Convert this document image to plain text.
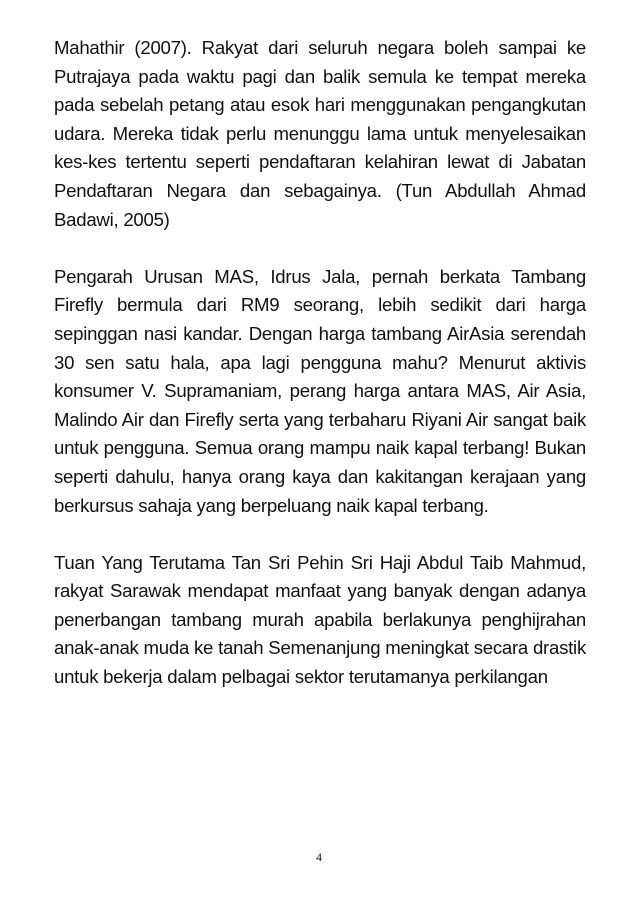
Mahathir (2007). Rakyat dari seluruh negara boleh sampai ke Putrajaya pada waktu pagi dan balik semula ke tempat mereka pada sebelah petang atau esok hari menggunakan pengangkutan udara. Mereka tidak perlu menunggu lama untuk menyelesaikan kes-kes tertentu seperti pendaftaran kelahiran lewat di Jabatan Pendaftaran Negara dan sebagainya. (Tun Abdullah Ahmad Badawi, 2005)

Pengarah Urusan MAS, Idrus Jala, pernah berkata Tambang Firefly bermula dari RM9 seorang, lebih sedikit dari harga sepinggan nasi kandar. Dengan harga tambang AirAsia serendah 30 sen satu hala, apa lagi pengguna mahu? Menurut aktivis konsumer V. Supramaniam, perang harga antara MAS, Air Asia, Malindo Air dan Firefly serta yang terbaharu Riyani Air sangat baik untuk pengguna. Semua orang mampu naik kapal terbang! Bukan seperti dahulu, hanya orang kaya dan kakitangan kerajaan yang berkursus sahaja yang berpeluang naik kapal terbang.

Tuan Yang Terutama Tan Sri Pehin Sri Haji Abdul Taib Mahmud, rakyat Sarawak mendapat manfaat yang banyak dengan adanya penerbangan tambang murah apabila berlakunya penghijrahan anak-anak muda ke tanah Semenanjung meningkat secara drastik untuk bekerja dalam pelbagai sektor terutamanya perkilangan

4
